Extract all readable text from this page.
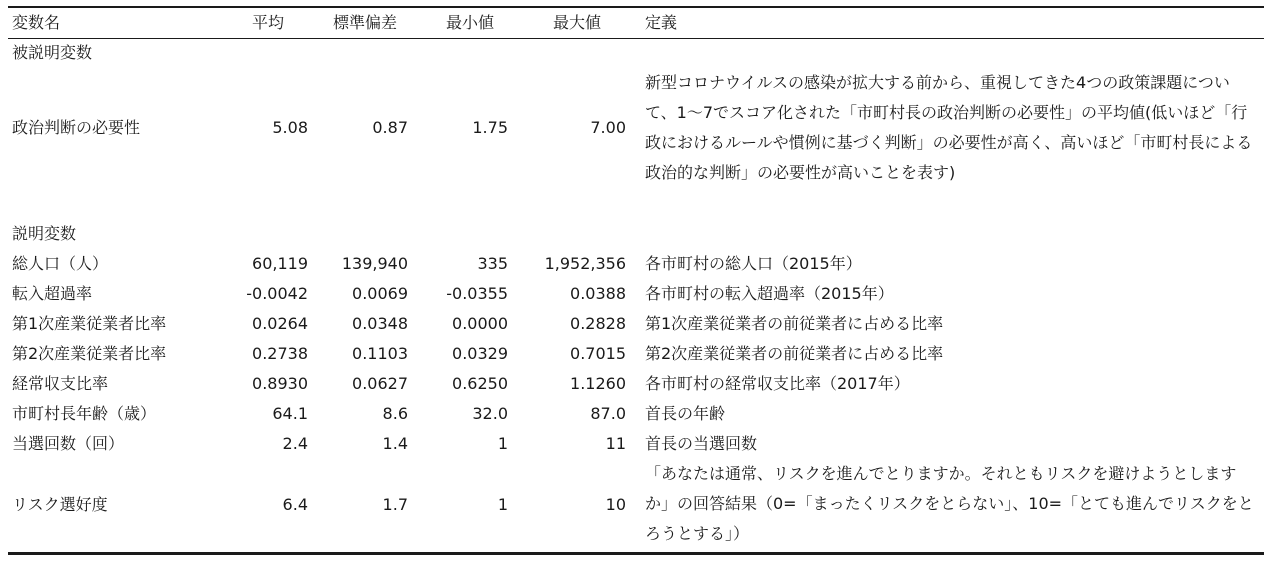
変数名	平均	標準偏差	最小値	最大値	定義
被説明変数
政治判断の必要性	5.08	0.87	1.75	7.00
新型コロナウイルスの感染が拡大する前から、重視してきた4つの政策課題について、1～7でスコア化された「市町村長の政治判断の必要性」の平均値(低いほど「行政におけるルールや慣例に基づく判断」の必要性が高く、高いほど「市町村長による政治的な判断」の必要性が高いことを表す)
説明変数
総人口（人）	60,119	139,940	335	1,952,356 各市町村の総人口（2015年）
転入超過率	-0.0042	0.0069	-0.0355	0.0388 各市町村の転入超過率（2015年）
第1次産業従業者比率	0.0264	0.0348	0.0000	0.2828 第1次産業従業者の前従業者に占める比率
第2次産業従業者比率	0.2738	0.1103	0.0329	0.7015 第2次産業従業者の前従業者に占める比率
経常収支比率	0.8930	0.0627	0.6250	1.1260 各市町村の経常収支比率（2017年）
市町村長年齢（歳）	64.1	8.6	32.0	87.0 首長の年齢
当選回数（回）	2.4	1.4	1	11 首長の当選回数
リスク選好度	6.4	1.7	1	10
「あなたは通常、リスクを進んでとりますか。それともリスクを避けようとしますか」の回答結果（0=「まったくリスクをとらない」、10=「とても進んでリスクをとろうとする」）
